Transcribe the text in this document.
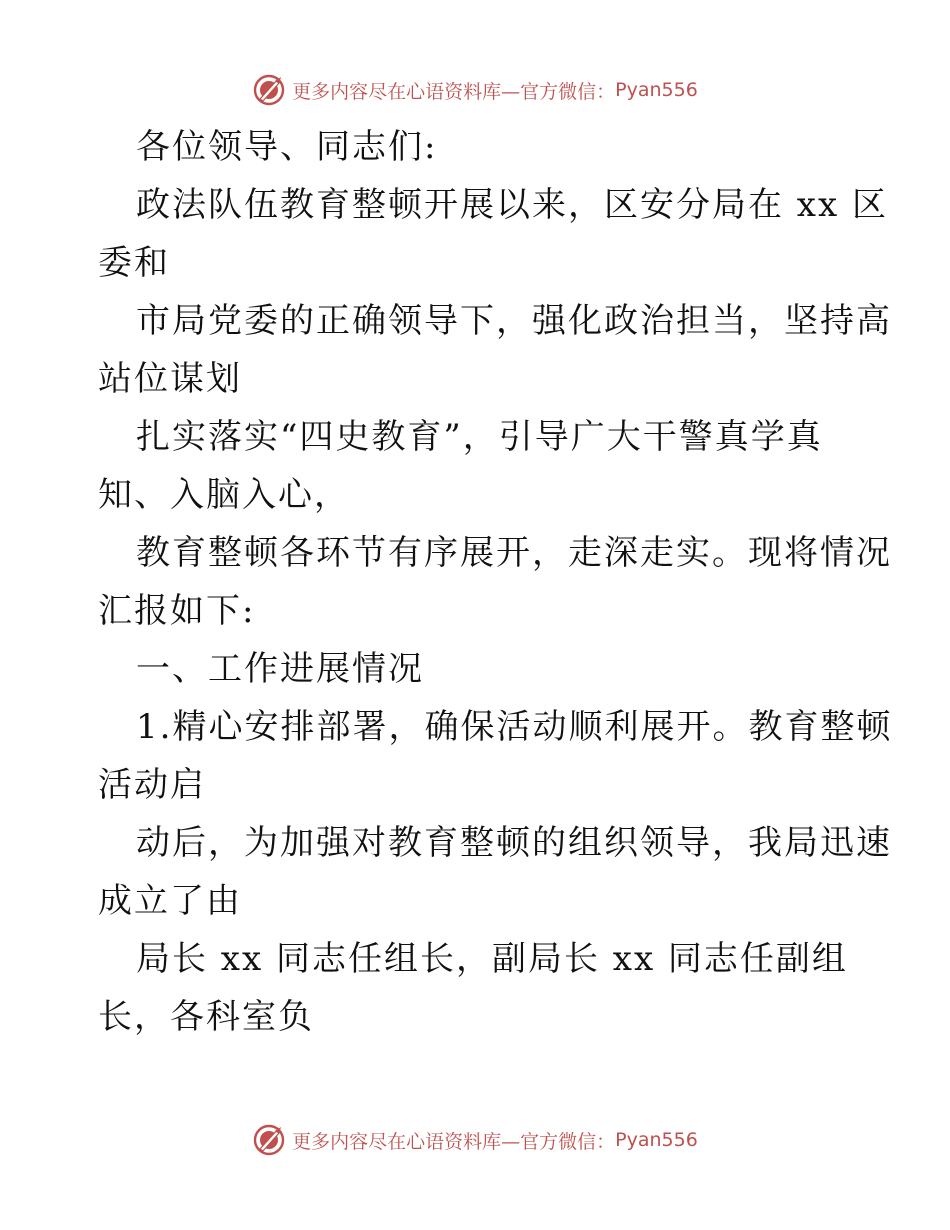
更多内容尽在心语资料库—官方微信： Pyan556
各位领导、同志们:
政法队伍教育整顿开展以来，区安分局在 xx 区
委和
市局党委的正确领导下，强化政治担当，坚持高
站位谋划
扎实落实“四史教育”，引导广大干警真学真
知、入脑入心，
教育整顿各环节有序展开，走深走实。现将情况
汇报如下:
一、工作进展情况
1.精心安排部署，确保活动顺利展开。教育整顿
活动启
动后，为加强对教育整顿的组织领导，我局迅速
成立了由
局长 xx 同志任组长，副局长 xx 同志任副组
长，各科室负
更多内容尽在心语资料库—官方微信： Pyan556
